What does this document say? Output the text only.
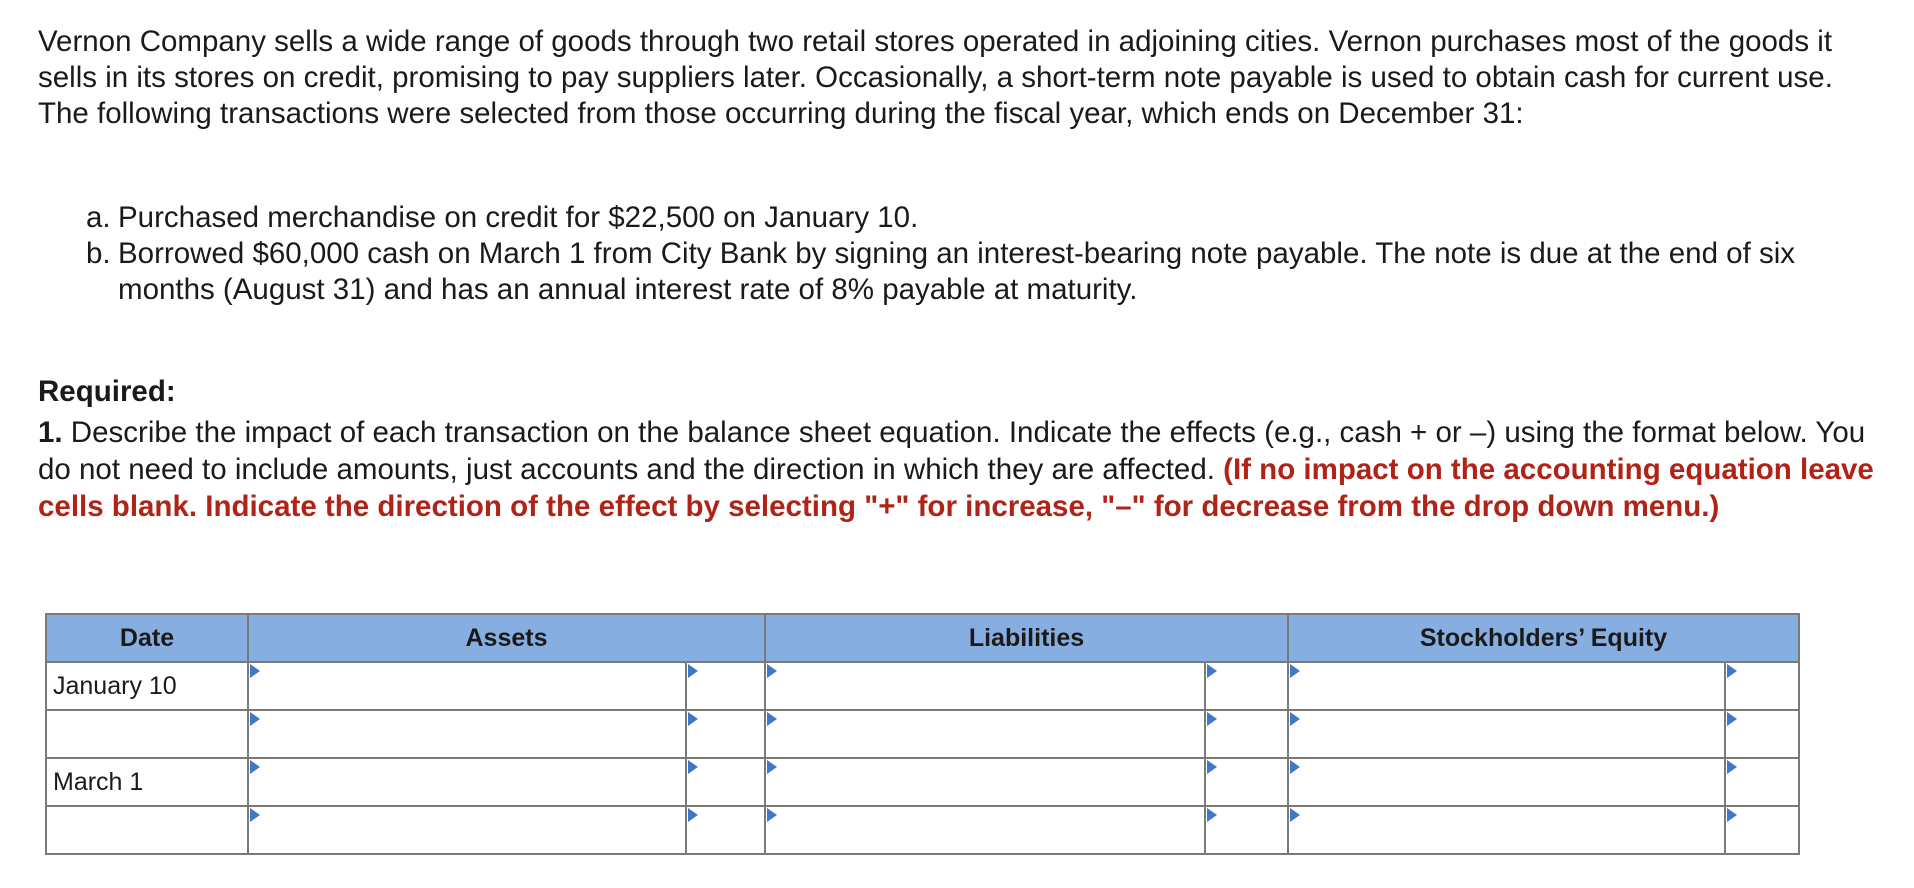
Vernon Company sells a wide range of goods through two retail stores operated in adjoining cities. Vernon purchases most of the goods it sells in its stores on credit, promising to pay suppliers later. Occasionally, a short-term note payable is used to obtain cash for current use. The following transactions were selected from those occurring during the fiscal year, which ends on December 31:

a. Purchased merchandise on credit for $22,500 on January 10.
b. Borrowed $60,000 cash on March 1 from City Bank by signing an interest-bearing note payable. The note is due at the end of six months (August 31) and has an annual interest rate of 8% payable at maturity.

Required:

1. Describe the impact of each transaction on the balance sheet equation. Indicate the effects (e.g., cash + or –) using the format below. You do not need to include amounts, just accounts and the direction in which they are affected. (If no impact on the accounting equation leave cells blank. Indicate the direction of the effect by selecting "+" for increase, "–" for decrease from the drop down menu.)

Date	Assets		Liabilities		Stockholders’ Equity	
January 10	

March 1	
